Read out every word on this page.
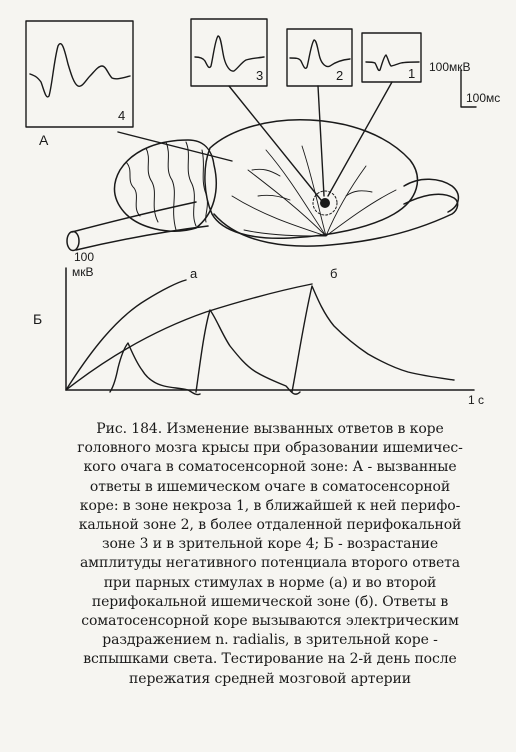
4
3	2	1
А
Б
100мкВ
100мс
100
мкВ	а	б
1 с

Рис. 184. Изменение вызванных ответов в коре

головного мозга крысы при образовании ишемичес-

кого очага в соматосенсорной зоне: А - вызванные

ответы в ишемическом очаге в соматосенсорной

коре: в зоне некроза 1, в ближайшей к ней перифо-

кальной зоне 2, в более отдаленной перифокальной

зоне 3 и в зрительной коре 4; Б - возрастание

амплитуды негативного потенциала второго ответа

при парных стимулах в норме (а) и во второй

перифокальной ишемической зоне (б). Ответы в

соматосенсорной коре вызываются электрическим

раздражением n. radialis, в зрительной коре -

вспышками света. Тестирование на 2-й день после

пережатия средней мозговой артерии
